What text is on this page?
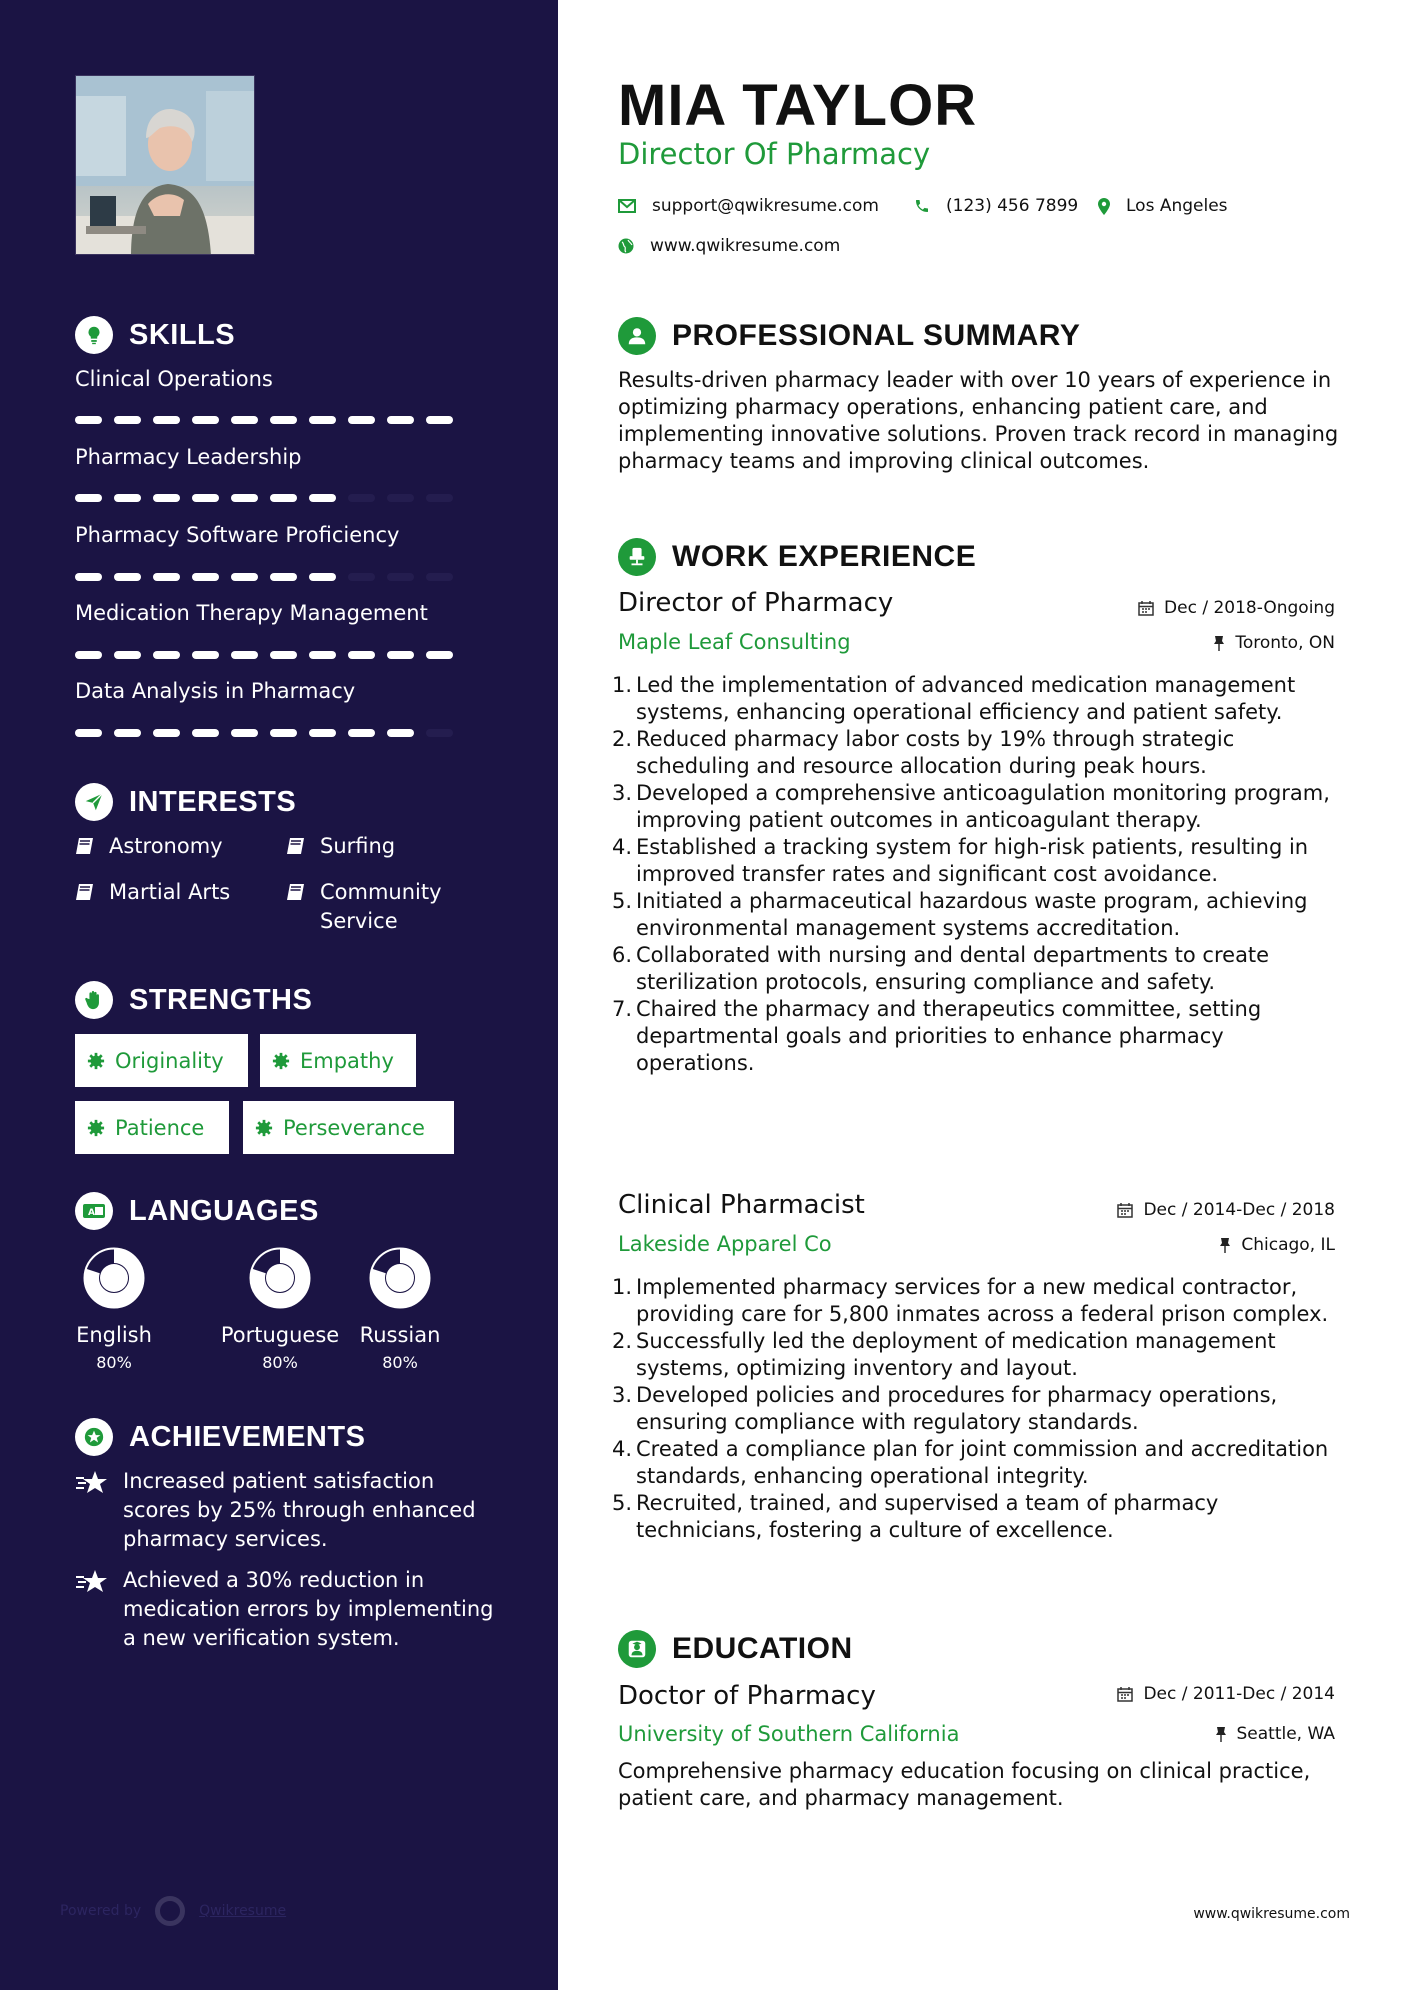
SKILLS
Clinical Operations
Pharmacy Leadership
Pharmacy Software Proficiency
Medication Therapy Management
Data Analysis in Pharmacy
INTERESTS
Astronomy	Surfing
Martial Arts	Community Service
STRENGTHS
Originality	Empathy
Patience	Perseverance
A LANGUAGES
English
80%
Portuguese
80%
Russian
80%
ACHIEVEMENTS
Increased patient satisfaction scores by 25% through enhanced pharmacy services.
Achieved a 30% reduction in medication errors by implementing a new verification system.
Powered by	Qwikresume
MIA TAYLOR
Director Of Pharmacy
support@qwikresume.com	(123) 456 7899	Los Angeles
www.qwikresume.com
PROFESSIONAL SUMMARY
Results-driven pharmacy leader with over 10 years of experience in optimizing pharmacy operations, enhancing patient care, and implementing innovative solutions. Proven track record in managing pharmacy teams and improving clinical outcomes.
WORK EXPERIENCE
Director of Pharmacy	Dec / 2018-Ongoing
Maple Leaf Consulting	Toronto, ON
1. Led the implementation of advanced medication management systems, enhancing operational efficiency and patient safety.
2. Reduced pharmacy labor costs by 19% through strategic scheduling and resource allocation during peak hours.
3. Developed a comprehensive anticoagulation monitoring program, improving patient outcomes in anticoagulant therapy.
4. Established a tracking system for high-risk patients, resulting in improved transfer rates and significant cost avoidance.
5. Initiated a pharmaceutical hazardous waste program, achieving environmental management systems accreditation.
6. Collaborated with nursing and dental departments to create sterilization protocols, ensuring compliance and safety.
7. Chaired the pharmacy and therapeutics committee, setting departmental goals and priorities to enhance pharmacy operations.
Clinical Pharmacist	Dec / 2014-Dec / 2018
Lakeside Apparel Co	Chicago, IL
1. Implemented pharmacy services for a new medical contractor, providing care for 5,800 inmates across a federal prison complex.
2. Successfully led the deployment of medication management systems, optimizing inventory and layout.
3. Developed policies and procedures for pharmacy operations, ensuring compliance with regulatory standards.
4. Created a compliance plan for joint commission and accreditation standards, enhancing operational integrity.
5. Recruited, trained, and supervised a team of pharmacy technicians, fostering a culture of excellence.
EDUCATION
Doctor of Pharmacy	Dec / 2011-Dec / 2014
University of Southern California	Seattle, WA
Comprehensive pharmacy education focusing on clinical practice, patient care, and pharmacy management.
www.qwikresume.com
